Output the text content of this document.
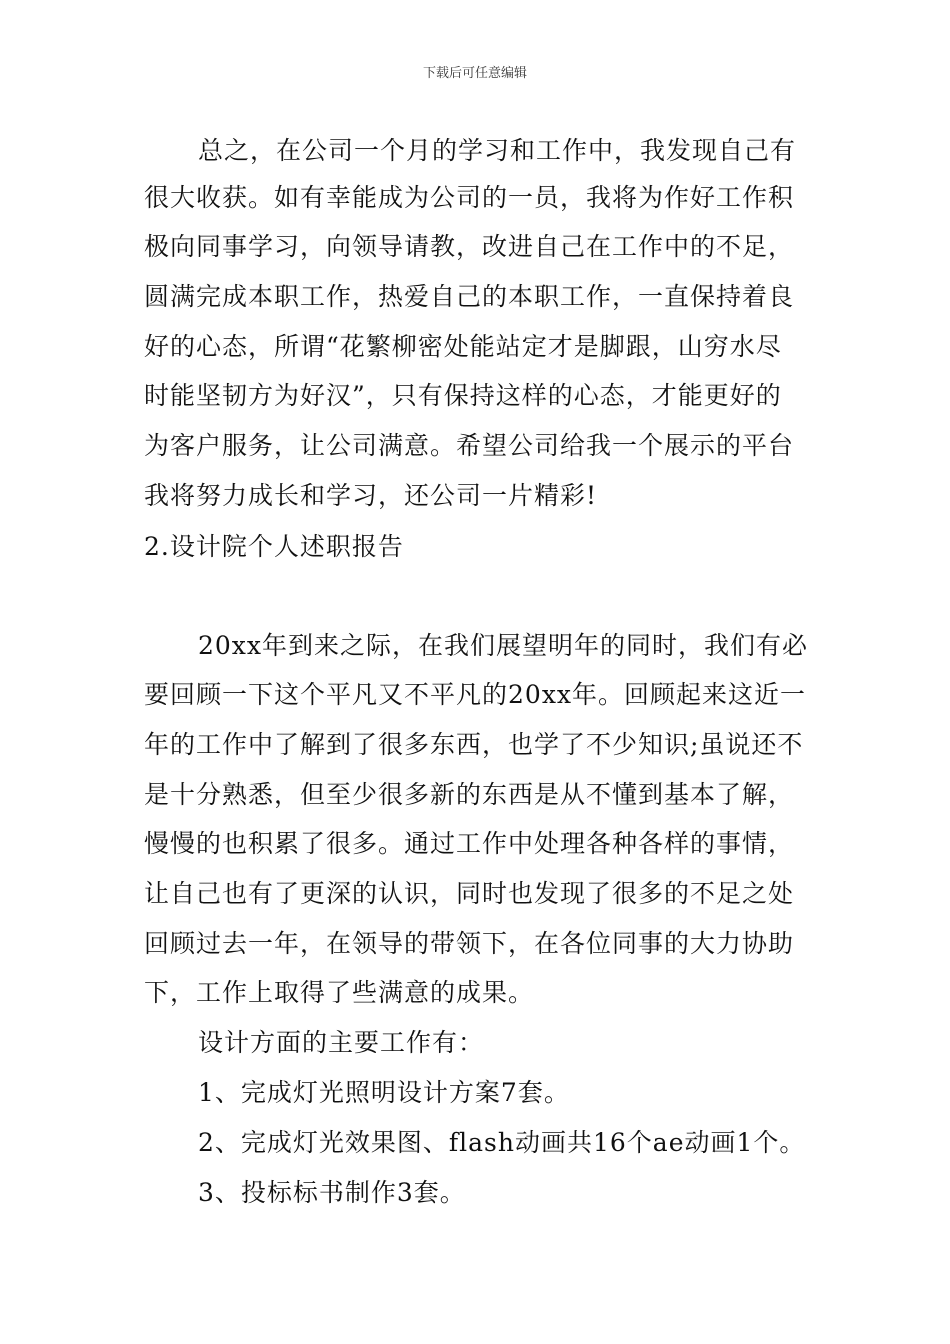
下载后可任意编辑
总之，在公司一个月的学习和工作中，我发现自己有
很大收获。如有幸能成为公司的一员，我将为作好工作积
极向同事学习，向领导请教，改进自己在工作中的不足，
圆满完成本职工作，热爱自己的本职工作，一直保持着良
好的心态，所谓“花繁柳密处能站定才是脚跟，山穷水尽
时能坚韧方为好汉”，只有保持这样的心态，才能更好的
为客户服务，让公司满意。希望公司给我一个展示的平台
我将努力成长和学习，还公司一片精彩!
2.设计院个人述职报告
20xx年到来之际，在我们展望明年的同时，我们有必
要回顾一下这个平凡又不平凡的20xx年。回顾起来这近一
年的工作中了解到了很多东西，也学了不少知识;虽说还不
是十分熟悉，但至少很多新的东西是从不懂到基本了解，
慢慢的也积累了很多。通过工作中处理各种各样的事情，
让自己也有了更深的认识，同时也发现了很多的不足之处
回顾过去一年，在领导的带领下，在各位同事的大力协助
下，工作上取得了些满意的成果。
设计方面的主要工作有：
1、完成灯光照明设计方案7套。
2、完成灯光效果图、flash动画共16个ae动画1个。
3、投标标书制作3套。
